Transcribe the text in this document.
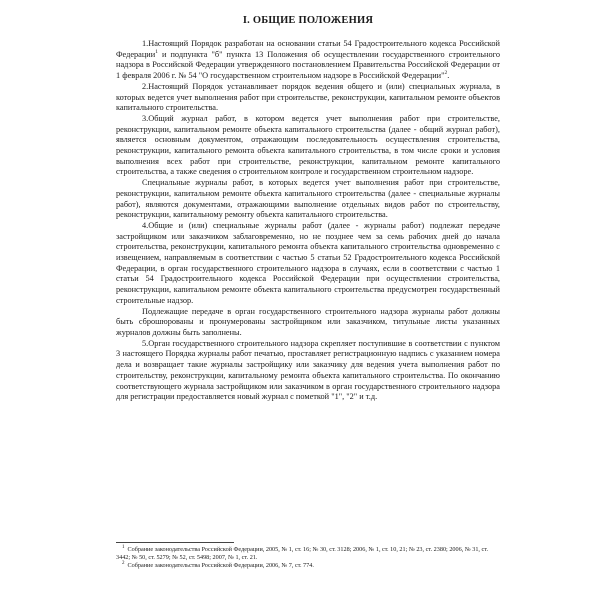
I. ОБЩИЕ ПОЛОЖЕНИЯ

1.Настоящий Порядок разработан на основании статьи 54 Градостроительного кодекса Российской Федерации$^1$ и подпункта "б" пункта 13 Положения об осуществлении государственного строительного надзора в Российской Федерации утвержденного постановлением Правительства Российской Федерации от 1 февраля 2006 г. № 54 "О государственном строительном надзоре в Российской Федерации"$^2$.

2.Настоящий Порядок устанавливает порядок ведения общего и (или) специальных журнала, в которых ведется учет выполнения работ при строительстве, реконструкции, капитальном ремонте объектов капитального строительства.

3.Общий журнал работ, в котором ведется учет выполнения работ при строительстве, реконструкции, капитальном ремонте объекта капитального строительства (далее - общий журнал работ), является основным документом, отражающим последовательность осуществления строительства, реконструкции, капитального ремонта объекта капитального строительства, в том числе сроки и условия выполнения всех работ при строительстве, реконструкции, капитальном ремонте капитального строительства, а также сведения о строительном контроле и государственном строительном надзоре.

Специальные журналы работ, в которых ведется учет выполнения работ при строительстве, реконструкции, капитальном ремонте объекта капитального строительства (далее - специальные журналы работ), являются документами, отражающими выполнение отдельных видов работ по строительству, реконструкции, капитальному ремонту объекта капитального строительства.

4.Общие и (или) специальные журналы работ (далее - журналы работ) подлежат передаче застройщиком или заказчиком заблаговременно, но не позднее чем за семь рабочих дней до начала строительства, реконструкции, капитального ремонта объекта капитального строительства одновременно с извещением, направляемым в соответствии с частью 5 статьи 52 Градостроительного кодекса Российской Федерации, в орган государственного строительного надзора в случаях, если в соответствии с частью 1 статьи 54 Градостроительного кодекса Российской Федерации при осуществлении строительства, реконструкции, капитальном ремонте объекта капитального строительства предусмотрен государственный строительные надзор.

Подлежащие передаче в орган государственного строительного надзора журналы работ должны быть сброшюрованы и пронумерованы застройщиком или заказчиком, титульные листы указанных журналов должны быть заполнены.

5.Орган государственного строительного надзора скрепляет поступившие в соответствии с пунктом 3 настоящего Порядка журналы работ печатью, проставляет регистрационную надпись с указанием номера дела и возвращает такие журналы застройщику или заказчику для ведения учета выполнения работ по строительству, реконструкции, капитальному ремонта объекта капитального строительства. По окончанию соответствующего журнала застройщиком или заказчиком в орган государственного строительного надзора для регистрации предоставляется новый журнал с пометкой "1", "2" и т.д.

$^1$ Собрание законодательства Российской Федерации, 2005, № 1, ст. 16; № 30, ст. 3128; 2006, № 1, ст. 10, 21; № 23, ст. 2380; 2006, № 31, ст. 3442; № 50, ст. 5279; № 52, ст. 5498; 2007, № 1, ст. 21.

$^2$ Собрание законодательства Российской Федерации, 2006, № 7, ст. 774.
